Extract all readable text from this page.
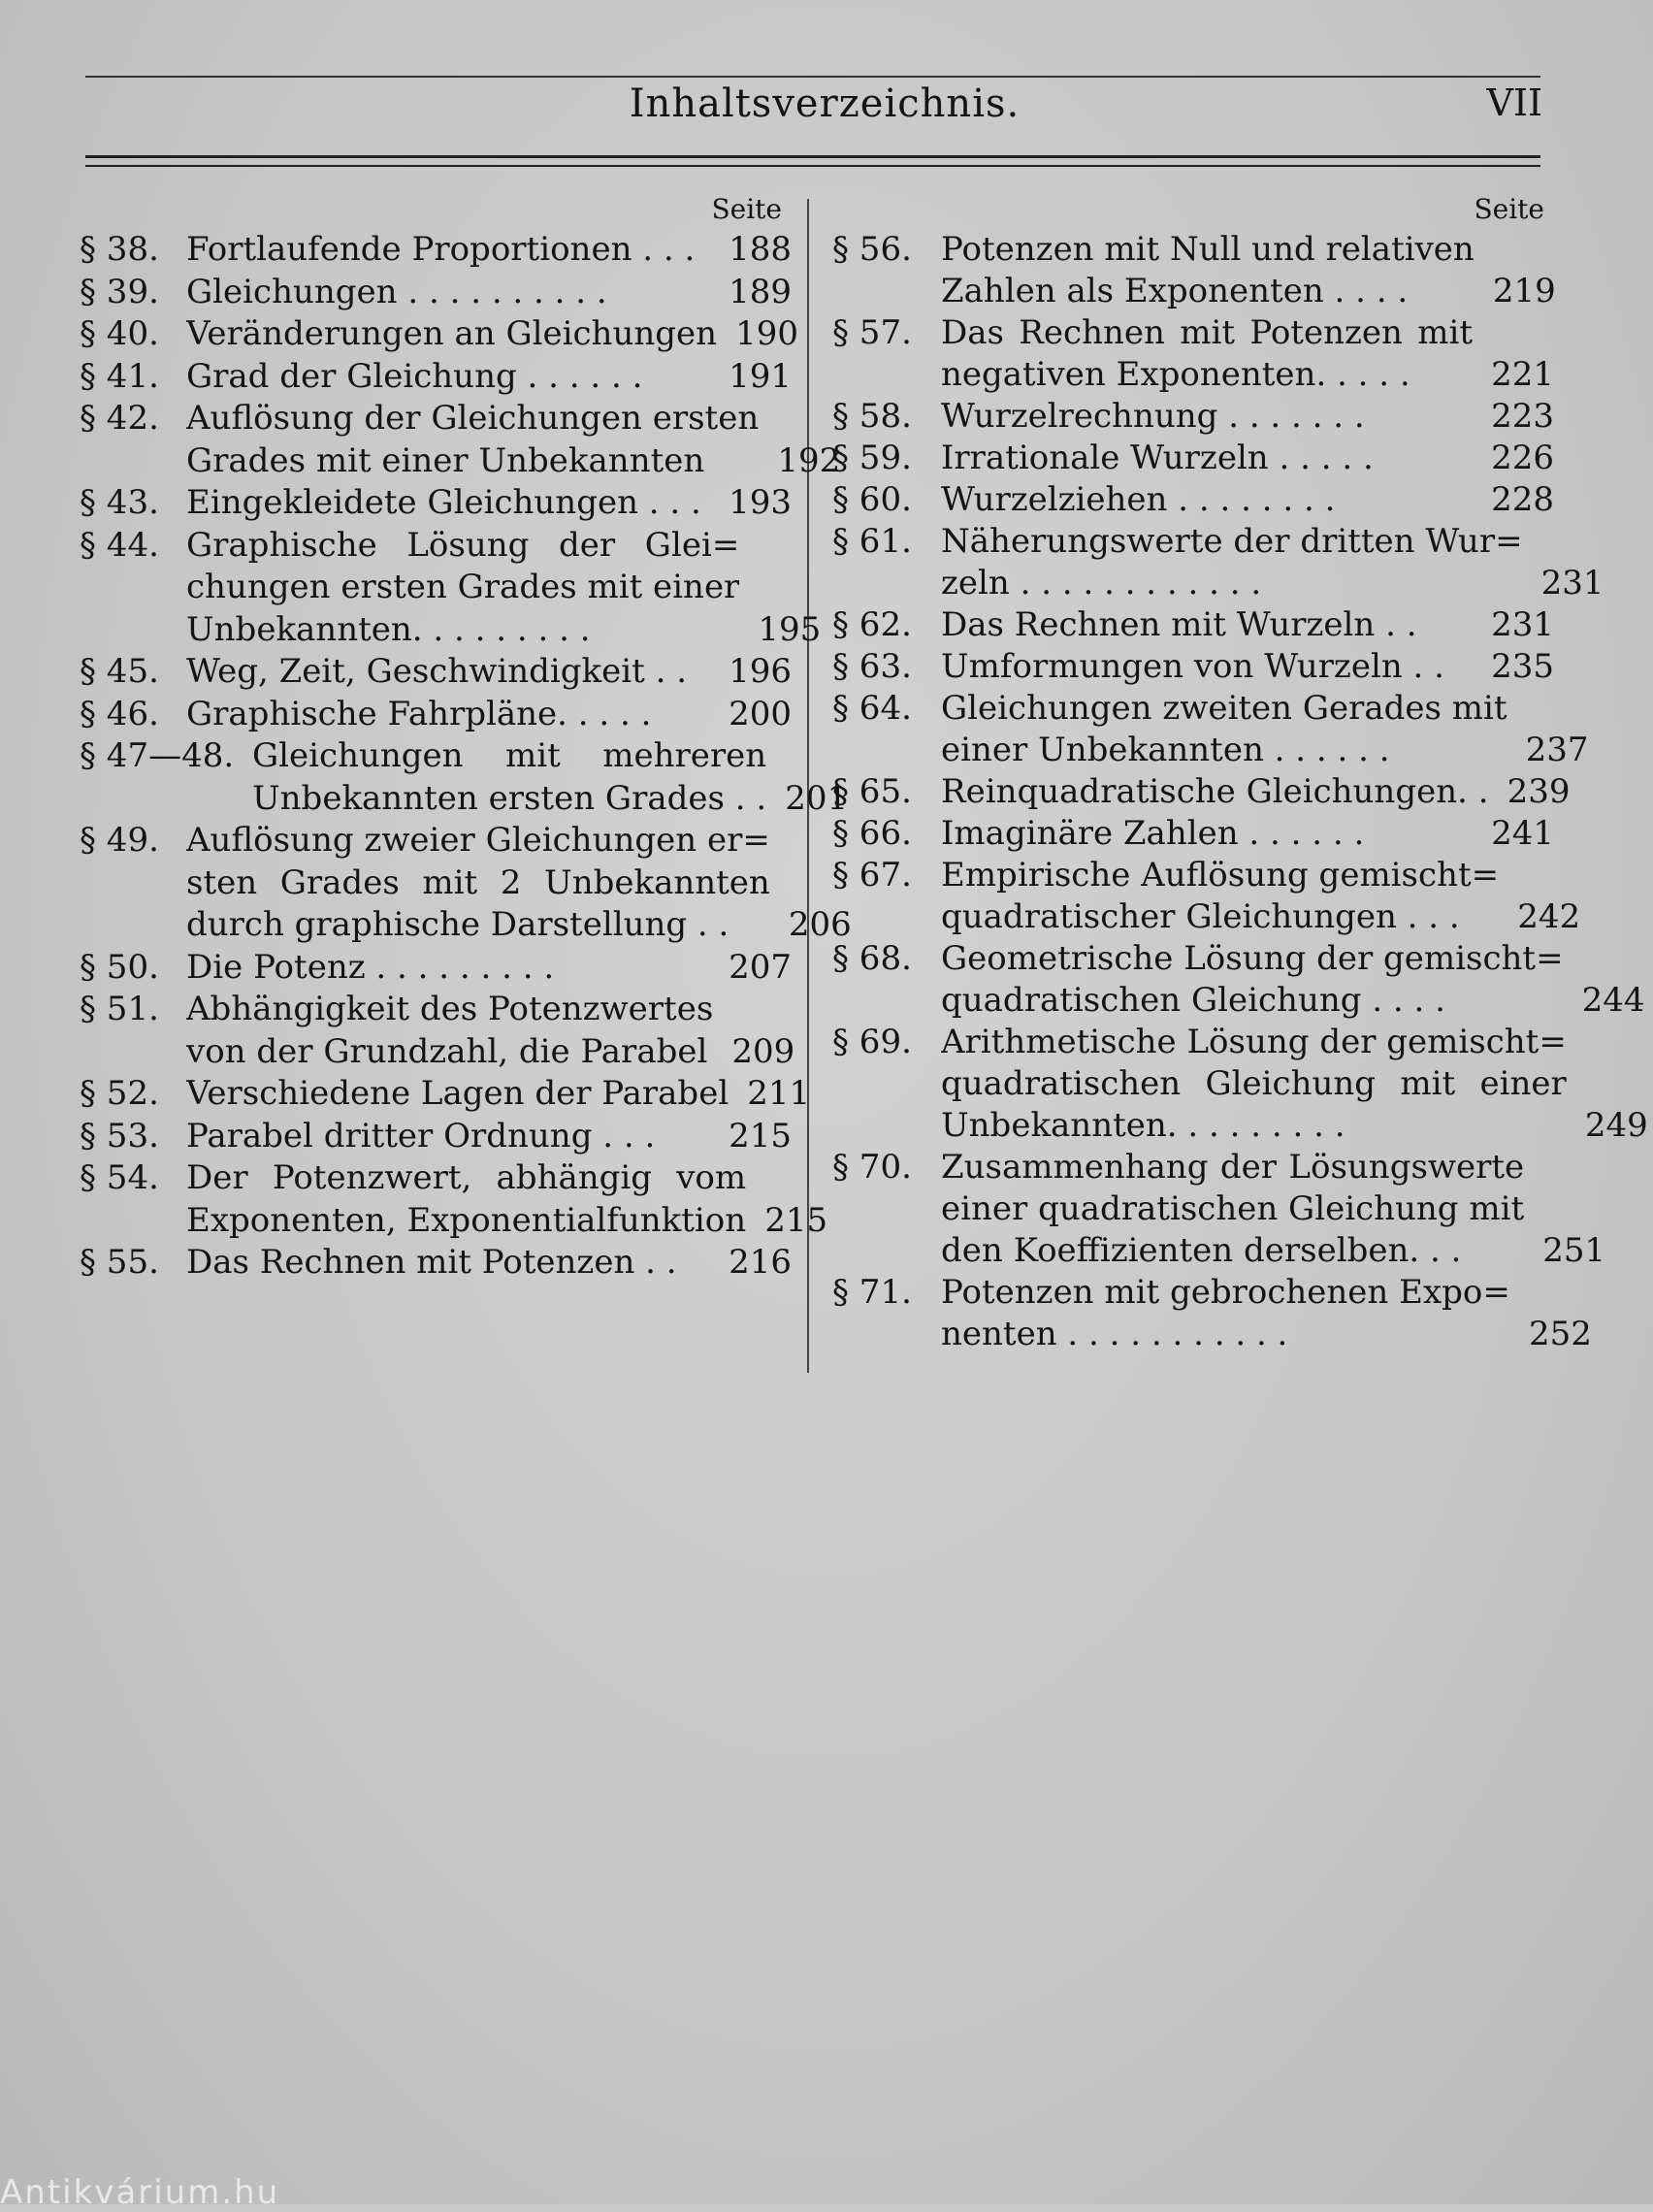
Inhaltsverzeichnis.	VII
Seite
§ 38. Fortlaufende Proportionen . . .	188
§ 39. Gleichungen . . . . . . . . . .	189
§ 40. Veränderungen an Gleichungen 190
§ 41. Grad der Gleichung . . . . . .	191
§ 42. Auflösung der Gleichungen ersten
Grades mit einer Unbekannten	192
§ 43. Eingekleidete Gleichungen . . . 193
§ 44. Graphische Lösung der Glei=
chungen ersten Grades mit einer
Unbekannten. . . . . . . . .	195
§ 45. Weg, Zeit, Geschwindigkeit . .	196
§ 46. Graphische Fahrpläne. . . . .	200
§ 47—48. Gleichungen mit mehreren
Unbekannten ersten Grades . . 201
§ 49. Auflösung zweier Gleichungen er=
sten Grades mit 2 Unbekannten
durch graphische Darstellung . .	206
§ 50. Die Potenz . . . . . . . . .	207
§ 51. Abhängigkeit des Potenzwertes
von der Grundzahl, die Parabel 209
§ 52. Verschiedene Lagen der Parabel 211
§ 53. Parabel dritter Ordnung . . .	215
§ 54. Der Potenzwert, abhängig vom
Exponenten, Exponentialfunktion 215
§ 55. Das Rechnen mit Potenzen . .	216
Seite
§ 56. Potenzen mit Null und relativen
Zahlen als Exponenten . . . .	219
§ 57. Das Rechnen mit Potenzen mit
negativen Exponenten. . . . .	221
§ 58. Wurzelrechnung . . . . . . .	223
§ 59. Irrationale Wurzeln . . . . .	226
§ 60. Wurzelziehen . . . . . . . .	228
§ 61. Näherungswerte der dritten Wur=
zeln . . . . . . . . . . . .	231
§ 62. Das Rechnen mit Wurzeln . .	231
§ 63. Umformungen von Wurzeln . .	235
§ 64. Gleichungen zweiten Gerades mit
einer Unbekannten . . . . . .	237
§ 65. Reinquadratische Gleichungen. . 239
§ 66. Imaginäre Zahlen . . . . . .	241
§ 67. Empirische Auflösung gemischt=
quadratischer Gleichungen . . .	242
§ 68. Geometrische Lösung der gemischt=
quadratischen Gleichung . . . .	244
§ 69. Arithmetische Lösung der gemischt=
quadratischen Gleichung mit einer
Unbekannten. . . . . . . . .	249
§ 70. Zusammenhang der Lösungswerte
einer quadratischen Gleichung mit
den Koeffizienten derselben. . .	251
§ 71. Potenzen mit gebrochenen Expo=
nenten . . . . . . . . . . .	252
Antikvárium.hu
